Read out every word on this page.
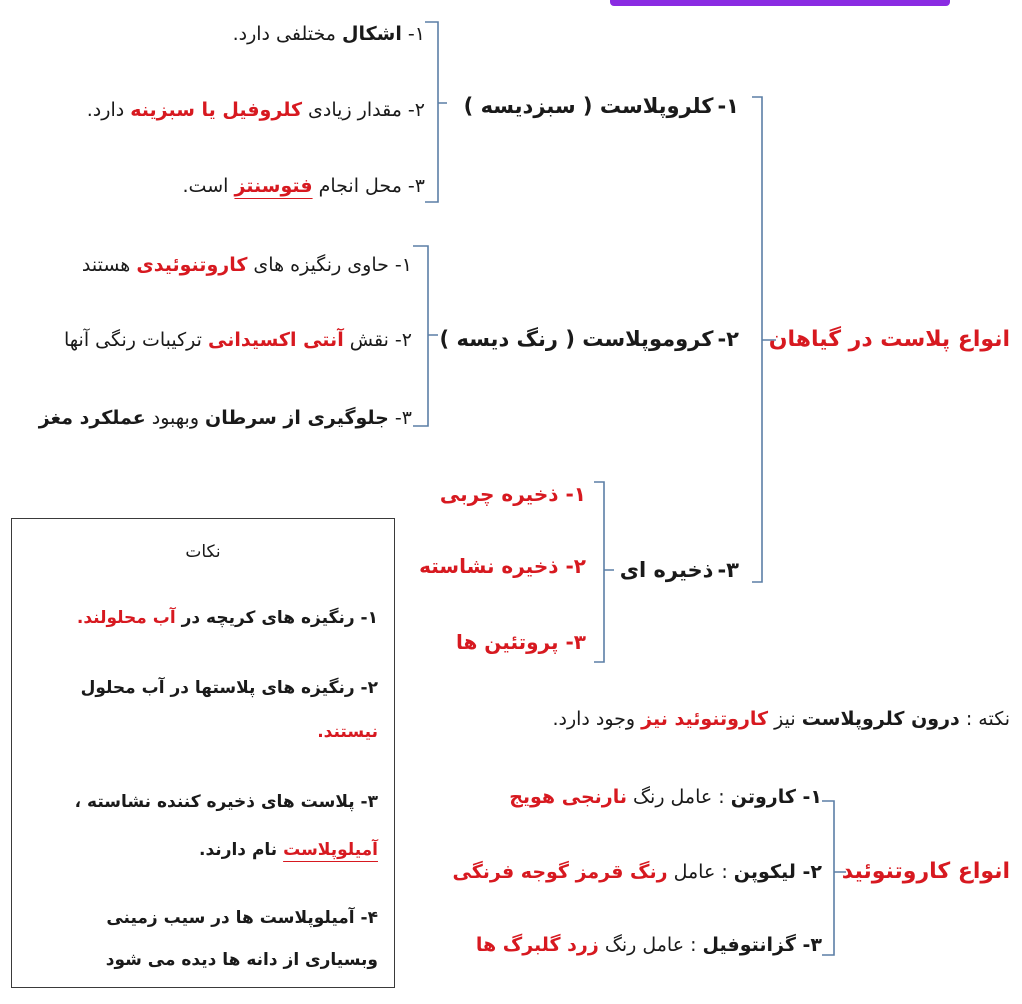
انواع پلاست در گیاهان
۱-کلروپلاست ( سبزدیسه )
۱- اشکال مختلفی دارد.
۲- مقدار زیادی کلروفیل یا سبزینه دارد.
۳- محل انجام فتوسنتز است.
۲-کروموپلاست ( رنگ دیسه )
۱- حاوی رنگیزه های کاروتنوئیدی هستند
۲- نقش آنتی اکسیدانی ترکیبات رنگی آنها
۳- جلوگیری از سرطان وبهبود عملکرد مغز
۳-ذخیره ای
۱- ذخیره چربی
۲- ذخیره نشاسته
۳- پروتئین ها
نکات
۱- رنگیزه های کریچه در آب محلولند.
۲- رنگیزه های پلاستها در آب محلول
نیستند.
۳- پلاست های ذخیره کننده نشاسته ،
آمیلوپلاست نام دارند.
۴- آمیلوپلاست ها در سیب زمینی
وبسیاری از دانه ها دیده می شود
نکته : درون کلروپلاست نیز کاروتنوئید نیز وجود دارد.
انواع کاروتنوئید
۱- کاروتن : عامل رنگ نارنجی هویج
۲- لیکوپن : عامل رنگ قرمز گوجه فرنگی
۳- گزانتوفیل : عامل رنگ زرد گلبرگ ها
